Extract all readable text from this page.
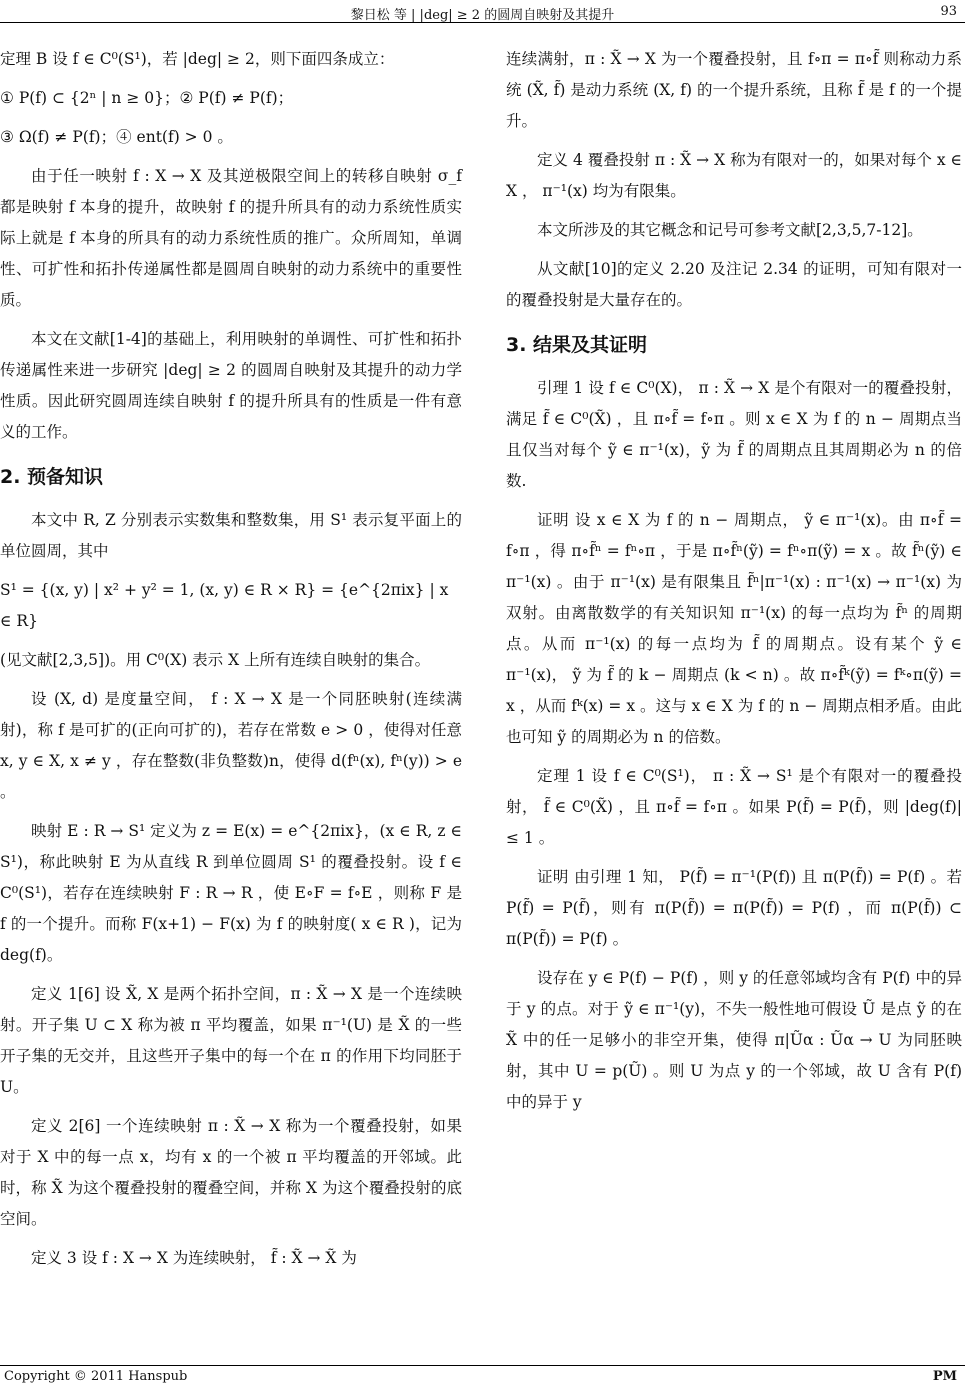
黎日松 等 | |deg| ≥ 2 的圆周自映射及其提升	93

定理 B 设 f ∈ C⁰(S¹)，若 |deg| ≥ 2，则下面四条成立：

① P(f) ⊂ {2ⁿ | n ≥ 0}；② P(f) ≠ P(f)；

③ Ω(f) ≠ P(f)；④ ent(f) > 0 。

由于任一映射 f : X → X 及其逆极限空间上的转移自映射 σ_f 都是映射 f 本身的提升，故映射 f 的提升所具有的动力系统性质实际上就是 f 本身的所具有的动力系统性质的推广。众所周知，单调性、可扩性和拓扑传递属性都是圆周自映射的动力系统中的重要性质。

本文在文献[1-4]的基础上，利用映射的单调性、可扩性和拓扑传递属性来进一步研究 |deg| ≥ 2 的圆周自映射及其提升的动力学性质。因此研究圆周连续自映射 f 的提升所具有的性质是一件有意义的工作。

2. 预备知识

本文中 R, Z 分别表示实数集和整数集，用 S¹ 表示复平面上的单位圆周，其中

S¹ = {(x, y) | x² + y² = 1, (x, y) ∈ R × R} = {e^{2πix} | x ∈ R}

(见文献[2,3,5])。用 C⁰(X) 表示 X 上所有连续自映射的集合。

设 (X, d) 是度量空间， f : X → X 是一个同胚映射(连续满射)，称 f 是可扩的(正向可扩的)，若存在常数 e > 0 ，使得对任意 x, y ∈ X, x ≠ y ，存在整数(非负整数)n，使得 d(fⁿ(x), fⁿ(y)) > e 。

映射 E : R → S¹ 定义为 z = E(x) = e^{2πix}，(x ∈ R, z ∈ S¹)，称此映射 E 为从直线 R 到单位圆周 S¹ 的覆叠投射。设 f ∈ C⁰(S¹)，若存在连续映射 F : R → R ，使 E∘F = f∘E ，则称 F 是 f 的一个提升。而称 F(x+1) − F(x) 为 f 的映射度( x ∈ R )，记为 deg(f)。

定义 1[6] 设 X̃, X 是两个拓扑空间，π : X̃ → X 是一个连续映射。开子集 U ⊂ X 称为被 π 平均覆盖，如果 π⁻¹(U) 是 X̃ 的一些开子集的无交并，且这些开子集中的每一个在 π 的作用下均同胚于 U。

定义 2[6] 一个连续映射 π : X̃ → X 称为一个覆叠投射，如果对于 X 中的每一点 x，均有 x 的一个被 π 平均覆盖的开邻域。此时，称 X̃ 为这个覆叠投射的覆叠空间，并称 X 为这个覆叠投射的底空间。

定义 3 设 f : X → X 为连续映射， f̃ : X̃ → X̃ 为

连续满射，π : X̃ → X 为一个覆叠投射，且 f∘π = π∘f̃ 则称动力系统 (X̃, f̃) 是动力系统 (X, f) 的一个提升系统，且称 f̃ 是 f 的一个提升。

定义 4 覆叠投射 π : X̃ → X 称为有限对一的，如果对每个 x ∈ X ， π⁻¹(x) 均为有限集。

本文所涉及的其它概念和记号可参考文献[2,3,5,7-12]。

从文献[10]的定义 2.20 及注记 2.34 的证明，可知有限对一的覆叠投射是大量存在的。

3. 结果及其证明

引理 1 设 f ∈ C⁰(X)， π : X̃ → X 是个有限对一的覆叠投射，满足 f̃ ∈ C⁰(X̃) ，且 π∘f̃ = f∘π 。则 x ∈ X 为 f 的 n − 周期点当且仅当对每个 ỹ ∈ π⁻¹(x)，ỹ 为 f̃ 的周期点且其周期必为 n 的倍数.

证明 设 x ∈ X 为 f 的 n − 周期点， ỹ ∈ π⁻¹(x)。由 π∘f̃ = f∘π ，得 π∘f̃ⁿ = fⁿ∘π ，于是 π∘f̃ⁿ(ỹ) = fⁿ∘π(ỹ) = x 。故 f̃ⁿ(ỹ) ∈ π⁻¹(x) 。由于 π⁻¹(x) 是有限集且 f̃ⁿ|π⁻¹(x) : π⁻¹(x) → π⁻¹(x) 为双射。由离散数学的有关知识知 π⁻¹(x) 的每一点均为 f̃ⁿ 的周期点。从而 π⁻¹(x) 的每一点均为 f̃ 的周期点。设有某个 ỹ ∈ π⁻¹(x)， ỹ 为 f̃ 的 k − 周期点 (k < n) 。故 π∘f̃ᵏ(ỹ) = fᵏ∘π(ỹ) = x ，从而 fᵏ(x) = x 。这与 x ∈ X 为 f 的 n − 周期点相矛盾。由此也可知 ỹ 的周期必为 n 的倍数。

定理 1 设 f ∈ C⁰(S¹)， π : X̃ → S¹ 是个有限对一的覆叠投射， f̃ ∈ C⁰(X̃) ，且 π∘f̃ = f∘π 。如果 P(f̃) = P(f̃)，则 |deg(f)| ≤ 1 。

证明 由引理 1 知， P(f̃) = π⁻¹(P(f)) 且 π(P(f̃)) = P(f) 。若 P(f̃) = P(f̃)，则有 π(P(f̃)) = π(P(f̃)) = P(f) ，而 π(P(f̃)) ⊂ π(P(f̃)) = P(f) 。

设存在 y ∈ P(f) − P(f) ，则 y 的任意邻域均含有 P(f) 中的异于 y 的点。对于 ỹ ∈ π⁻¹(y)，不失一般性地可假设 Ũ 是点 ỹ 的在 X̃ 中的任一足够小的非空开集，使得 π|Ũα : Ũα → U 为同胚映射，其中 U = p(Ũ) 。则 U 为点 y 的一个邻域，故 U 含有 P(f) 中的异于 y

Copyright © 2011 Hanspub	PM
